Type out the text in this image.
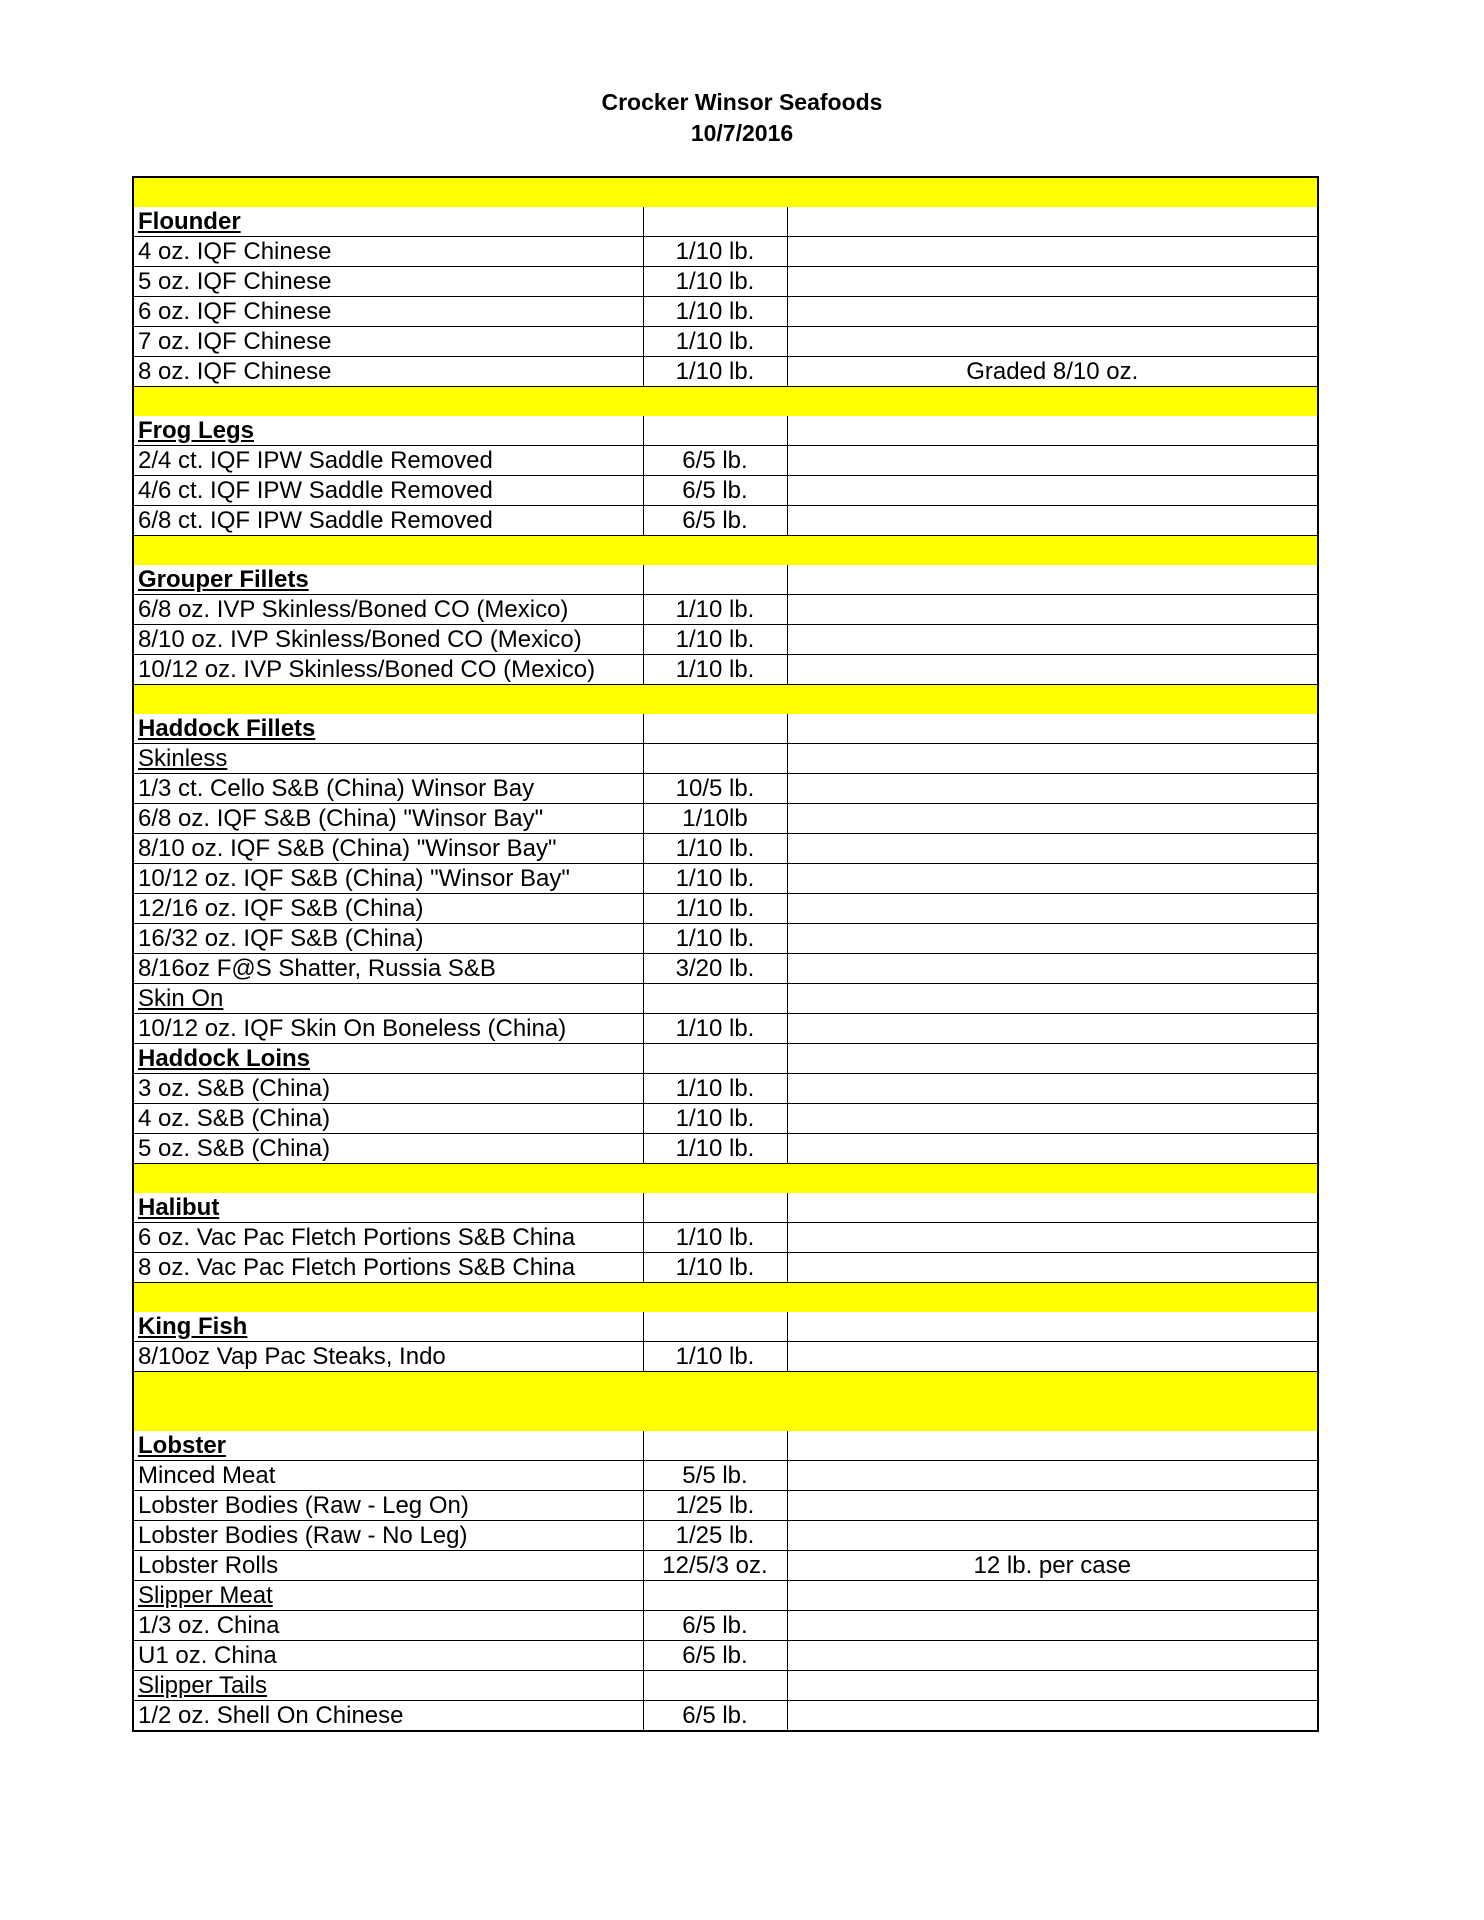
Crocker Winsor Seafoods
10/7/2016

Flounder		
4 oz. IQF Chinese	1/10 lb.	
5 oz. IQF Chinese	1/10 lb.	
6 oz. IQF Chinese	1/10 lb.	
7 oz. IQF Chinese	1/10 lb.	
8 oz. IQF Chinese	1/10 lb.	Graded 8/10 oz.

Frog Legs		
2/4 ct. IQF IPW Saddle Removed	6/5 lb.	
4/6 ct. IQF IPW Saddle Removed	6/5 lb.	
6/8 ct. IQF IPW Saddle Removed	6/5 lb.	

Grouper Fillets		
6/8 oz. IVP Skinless/Boned CO (Mexico)	1/10 lb.	
8/10 oz. IVP Skinless/Boned CO (Mexico)	1/10 lb.	
10/12 oz. IVP Skinless/Boned CO (Mexico)	1/10 lb.	

Haddock Fillets		
Skinless		
1/3 ct. Cello S&B (China) Winsor Bay	10/5 lb.	
6/8 oz. IQF S&B (China) "Winsor Bay"	1/10lb	
8/10 oz. IQF S&B (China) "Winsor Bay"	1/10 lb.	
10/12 oz. IQF S&B (China) "Winsor Bay"	1/10 lb.	
12/16 oz. IQF S&B (China)	1/10 lb.	
16/32 oz. IQF S&B (China)	1/10 lb.	
8/16oz F@S Shatter, Russia S&B	3/20 lb.	
Skin On		
10/12 oz. IQF Skin On Boneless (China)	1/10 lb.	
Haddock Loins		
3 oz. S&B (China)	1/10 lb.	
4 oz. S&B (China)	1/10 lb.	
5 oz. S&B (China)	1/10 lb.	

Halibut		
6 oz. Vac Pac Fletch Portions S&B China	1/10 lb.	
8 oz. Vac Pac Fletch Portions S&B China	1/10 lb.	

King Fish		
8/10oz Vap Pac Steaks, Indo	1/10 lb.	

Lobster		
Minced Meat	5/5 lb.	
Lobster Bodies (Raw - Leg On)	1/25 lb.	
Lobster Bodies (Raw - No Leg)	1/25 lb.	
Lobster Rolls	12/5/3 oz.	12 lb. per case
Slipper Meat		
1/3 oz. China	6/5 lb.	
U1 oz. China	6/5 lb.	
Slipper Tails		
1/2 oz. Shell On Chinese	6/5 lb.	
